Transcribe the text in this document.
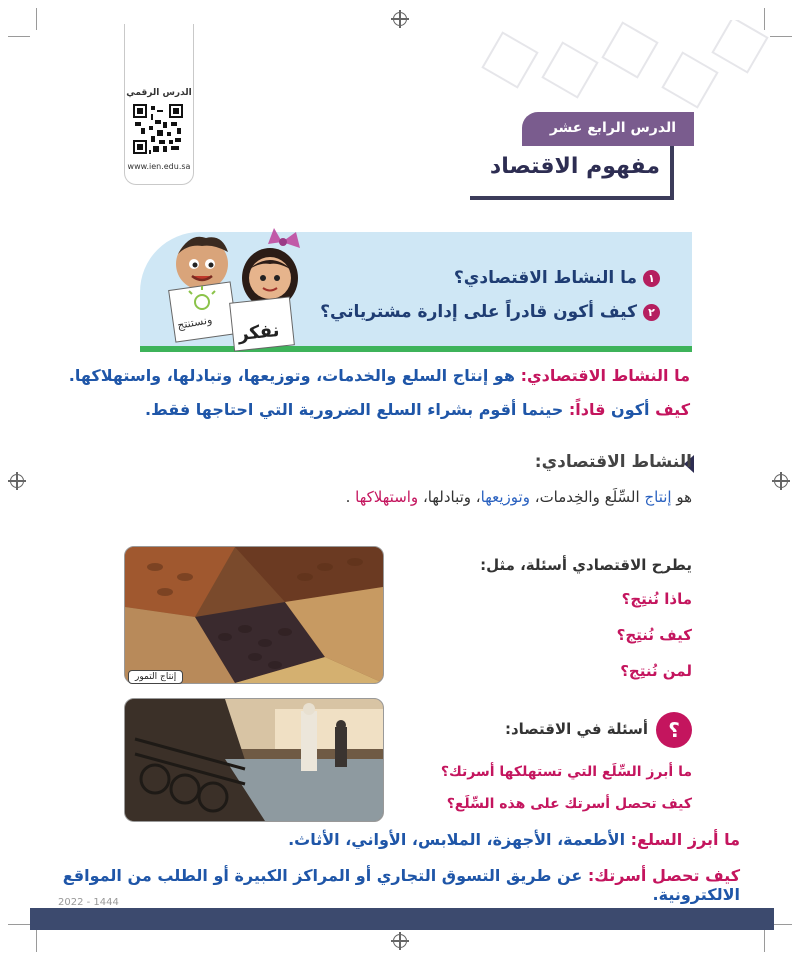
الدرس الرقمي
www.ien.edu.sa
الدرس الرابع عشر
مفهوم الاقتصاد
ونستنتج نفكر
١ما النشاط الاقتصادي؟
٢كيف أكون قادراً على إدارة مشترياتي؟
ما النشاط الاقتصادي: هو إنتاج السلع والخدمات، وتوزيعها، وتبادلها، واستهلاكها.
كيف أكون قاداً: حينما أقوم بشراء السلع الضرورية التي احتاجها فقط.
النشاط الاقتصادي:
هو إنتاج السِّلَع والخِدمات، وتوزيعها، وتبادلها، واستهلاكها .
إنتاج التمور
يطرح الاقتصادي أسئلة، مثل:
ماذا نُنتِج؟
كيف نُنتِج؟
لمن نُنتِج؟
؟
أسئلة في الاقتصاد:
ما أبرز السِّلَع التي تستهلكها أسرتك؟
كيف تحصل أسرتك على هذه السِّلَع؟
ما أبرز السلع: الأطعمة، الأجهزة، الملابس، الأواني، الأثاث.
كيف تحصل أسرتك: عن طريق التسوق التجاري أو المراكز الكبيرة أو الطلب من المواقع الالكترونية.
2022 - 1444
